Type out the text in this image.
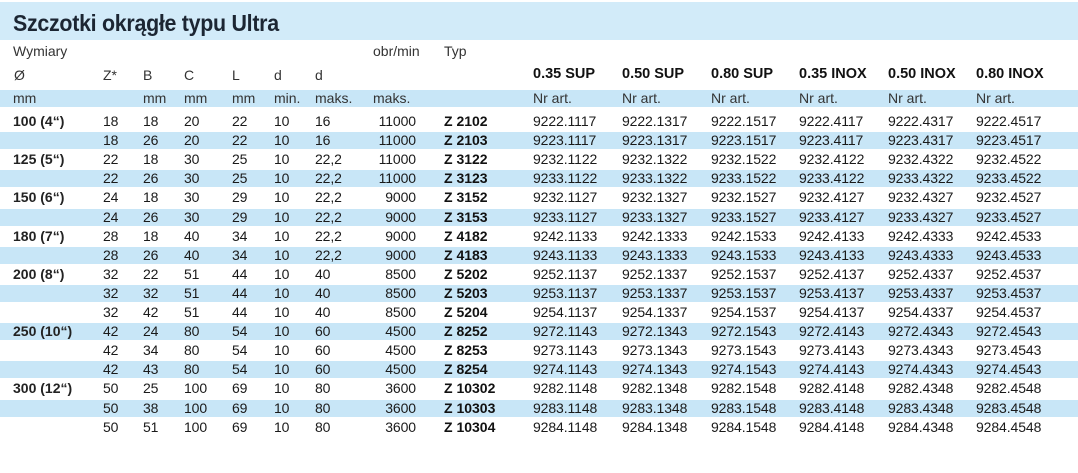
Szczotki okrągłe typu Ultra
Wymiary	obr/min Typ
Ø	Z* B C	L d d	0.35 SUP 0.50 SUP 0.80 SUP 0.35 INOX 0.50 INOX 0.80 INOX
mm	mm mm mm min. maks. maks.	Nr art.	Nr art.	Nr art.	Nr art.	Nr art.	Nr art.
100 (4“)	18 18 20 22 10 16	11000 Z 2102	9222.1117 9222.1317 9222.1517 9222.4117 9222.4317 9222.4517
18 26 20 22 10 16	11000 Z 2103	9223.1117 9223.1317 9223.1517 9223.4117 9223.4317 9223.4517
125 (5“)	22 18 30 25 10 22,2	11000 Z 3122	9232.1122 9232.1322 9232.1522 9232.4122 9232.4322 9232.4522
22 26 30 25 10 22,2	11000 Z 3123	9233.1122 9233.1322 9233.1522 9233.4122 9233.4322 9233.4522
150 (6“)	24 18 30 29 10 22,2	9000 Z 3152	9232.1127 9232.1327 9232.1527 9232.4127 9232.4327 9232.4527
24 26 30 29 10 22,2	9000 Z 3153	9233.1127 9233.1327 9233.1527 9233.4127 9233.4327 9233.4527
180 (7“)	28 18 40 34 10 22,2	9000 Z 4182	9242.1133 9242.1333 9242.1533 9242.4133 9242.4333 9242.4533
28 26 40 34 10 22,2	9000 Z 4183	9243.1133 9243.1333 9243.1533 9243.4133 9243.4333 9243.4533
200 (8“)	32 22 51 44 10 40	8500 Z 5202	9252.1137 9252.1337 9252.1537 9252.4137 9252.4337 9252.4537
32 32 51 44 10 40	8500 Z 5203	9253.1137 9253.1337 9253.1537 9253.4137 9253.4337 9253.4537
32 42 51 44 10 40	8500 Z 5204	9254.1137 9254.1337 9254.1537 9254.4137 9254.4337 9254.4537
250 (10“) 42 24 80 54 10 60	4500 Z 8252	9272.1143 9272.1343 9272.1543 9272.4143 9272.4343 9272.4543
42 34 80 54 10 60	4500 Z 8253	9273.1143 9273.1343 9273.1543 9273.4143 9273.4343 9273.4543
42 43 80 54 10 60	4500 Z 8254	9274.1143 9274.1343 9274.1543 9274.4143 9274.4343 9274.4543
300 (12“) 50 25 100 69 10 80	3600 Z 10302	9282.1148 9282.1348 9282.1548 9282.4148 9282.4348 9282.4548
50 38 100 69 10 80	3600 Z 10303	9283.1148 9283.1348 9283.1548 9283.4148 9283.4348 9283.4548
50 51 100 69 10 80	3600 Z 10304	9284.1148 9284.1348 9284.1548 9284.4148 9284.4348 9284.4548
